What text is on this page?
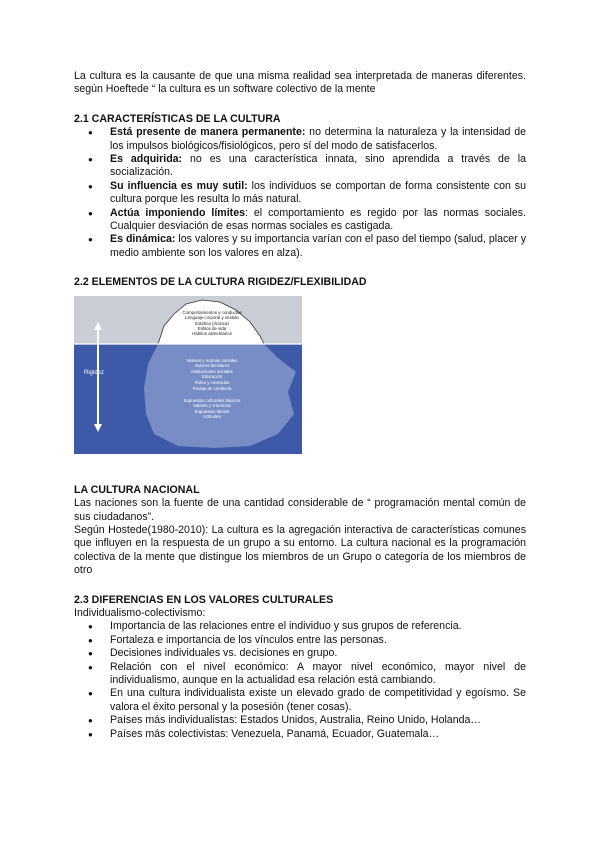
La cultura es la causante de que una misma realidad sea interpretada de maneras diferentes. según Hoeftede “ la cultura es un software colectivo de la mente

2.1 CARACTERÍSTICAS DE LA CULTURA
● Está presente de manera permanente: no determina la naturaleza y la intensidad de los impulsos biológicos/fisiológicos, pero sí del modo de satisfacerlos.
● Es adquirida: no es una característica innata, sino aprendida a través de la socialización.
● Su influencia es muy sutil: los individuos se comportan de forma consistente con su cultura porque les resulta lo más natural.
● Actúa imponiendo límites: el comportamiento es regido por las normas sociales. Cualquier desviación de esas normas sociales es castigada.
● Es dinámica: los valores y su importancia varían con el paso del tiempo (salud, placer y medio ambiente son los valores en alza).
2.2 ELEMENTOS DE LA CULTURA RIGIDEZ/FLEXIBILIDAD
Rigidez
Comportamientos y conductas
Lenguaje corporal y vestido
Estética (música)
Estilos de vida
Hábitos alimentarios
Valores y normas sociales
Valores familiares
Instituciones sociales
Educación
Roles y creencias
Pautas de conducta
Supuestos culturales básicos
Valores y creencias
Supuestos tácitos
Actitudes
LA CULTURA NACIONAL

Las naciones son la fuente de una cantidad considerable de “ programación mental común de sus ciudadanos”.

Según Hostede(1980-2010): La cultura es la agregación interactiva de características comunes que influyen en la respuesta de un grupo a su entorno. La cultura nacional es la programación colectiva de la mente que distingue los miembros de un Grupo o categoría de los miembros de otro

2.3 DIFERENCIAS EN LOS VALORES CULTURALES

Individualismo-colectivismo:

● Importancia de las relaciones entre el individuo y sus grupos de referencia.
● Fortaleza e importancia de los vínculos entre las personas.
● Decisiones individuales vs. decisiones en grupo.
● Relación con el nivel económico: A mayor nivel económico, mayor nivel de individualismo, aunque en la actualidad esa relación está cambiando.
● En una cultura individualista existe un elevado grado de competitividad y egoísmo. Se valora el éxito personal y la posesión (tener cosas).
● Países más individualistas: Estados Unidos, Australia, Reino Unido, Holanda…
● Países más colectivistas: Venezuela, Panamá, Ecuador, Guatemala…
